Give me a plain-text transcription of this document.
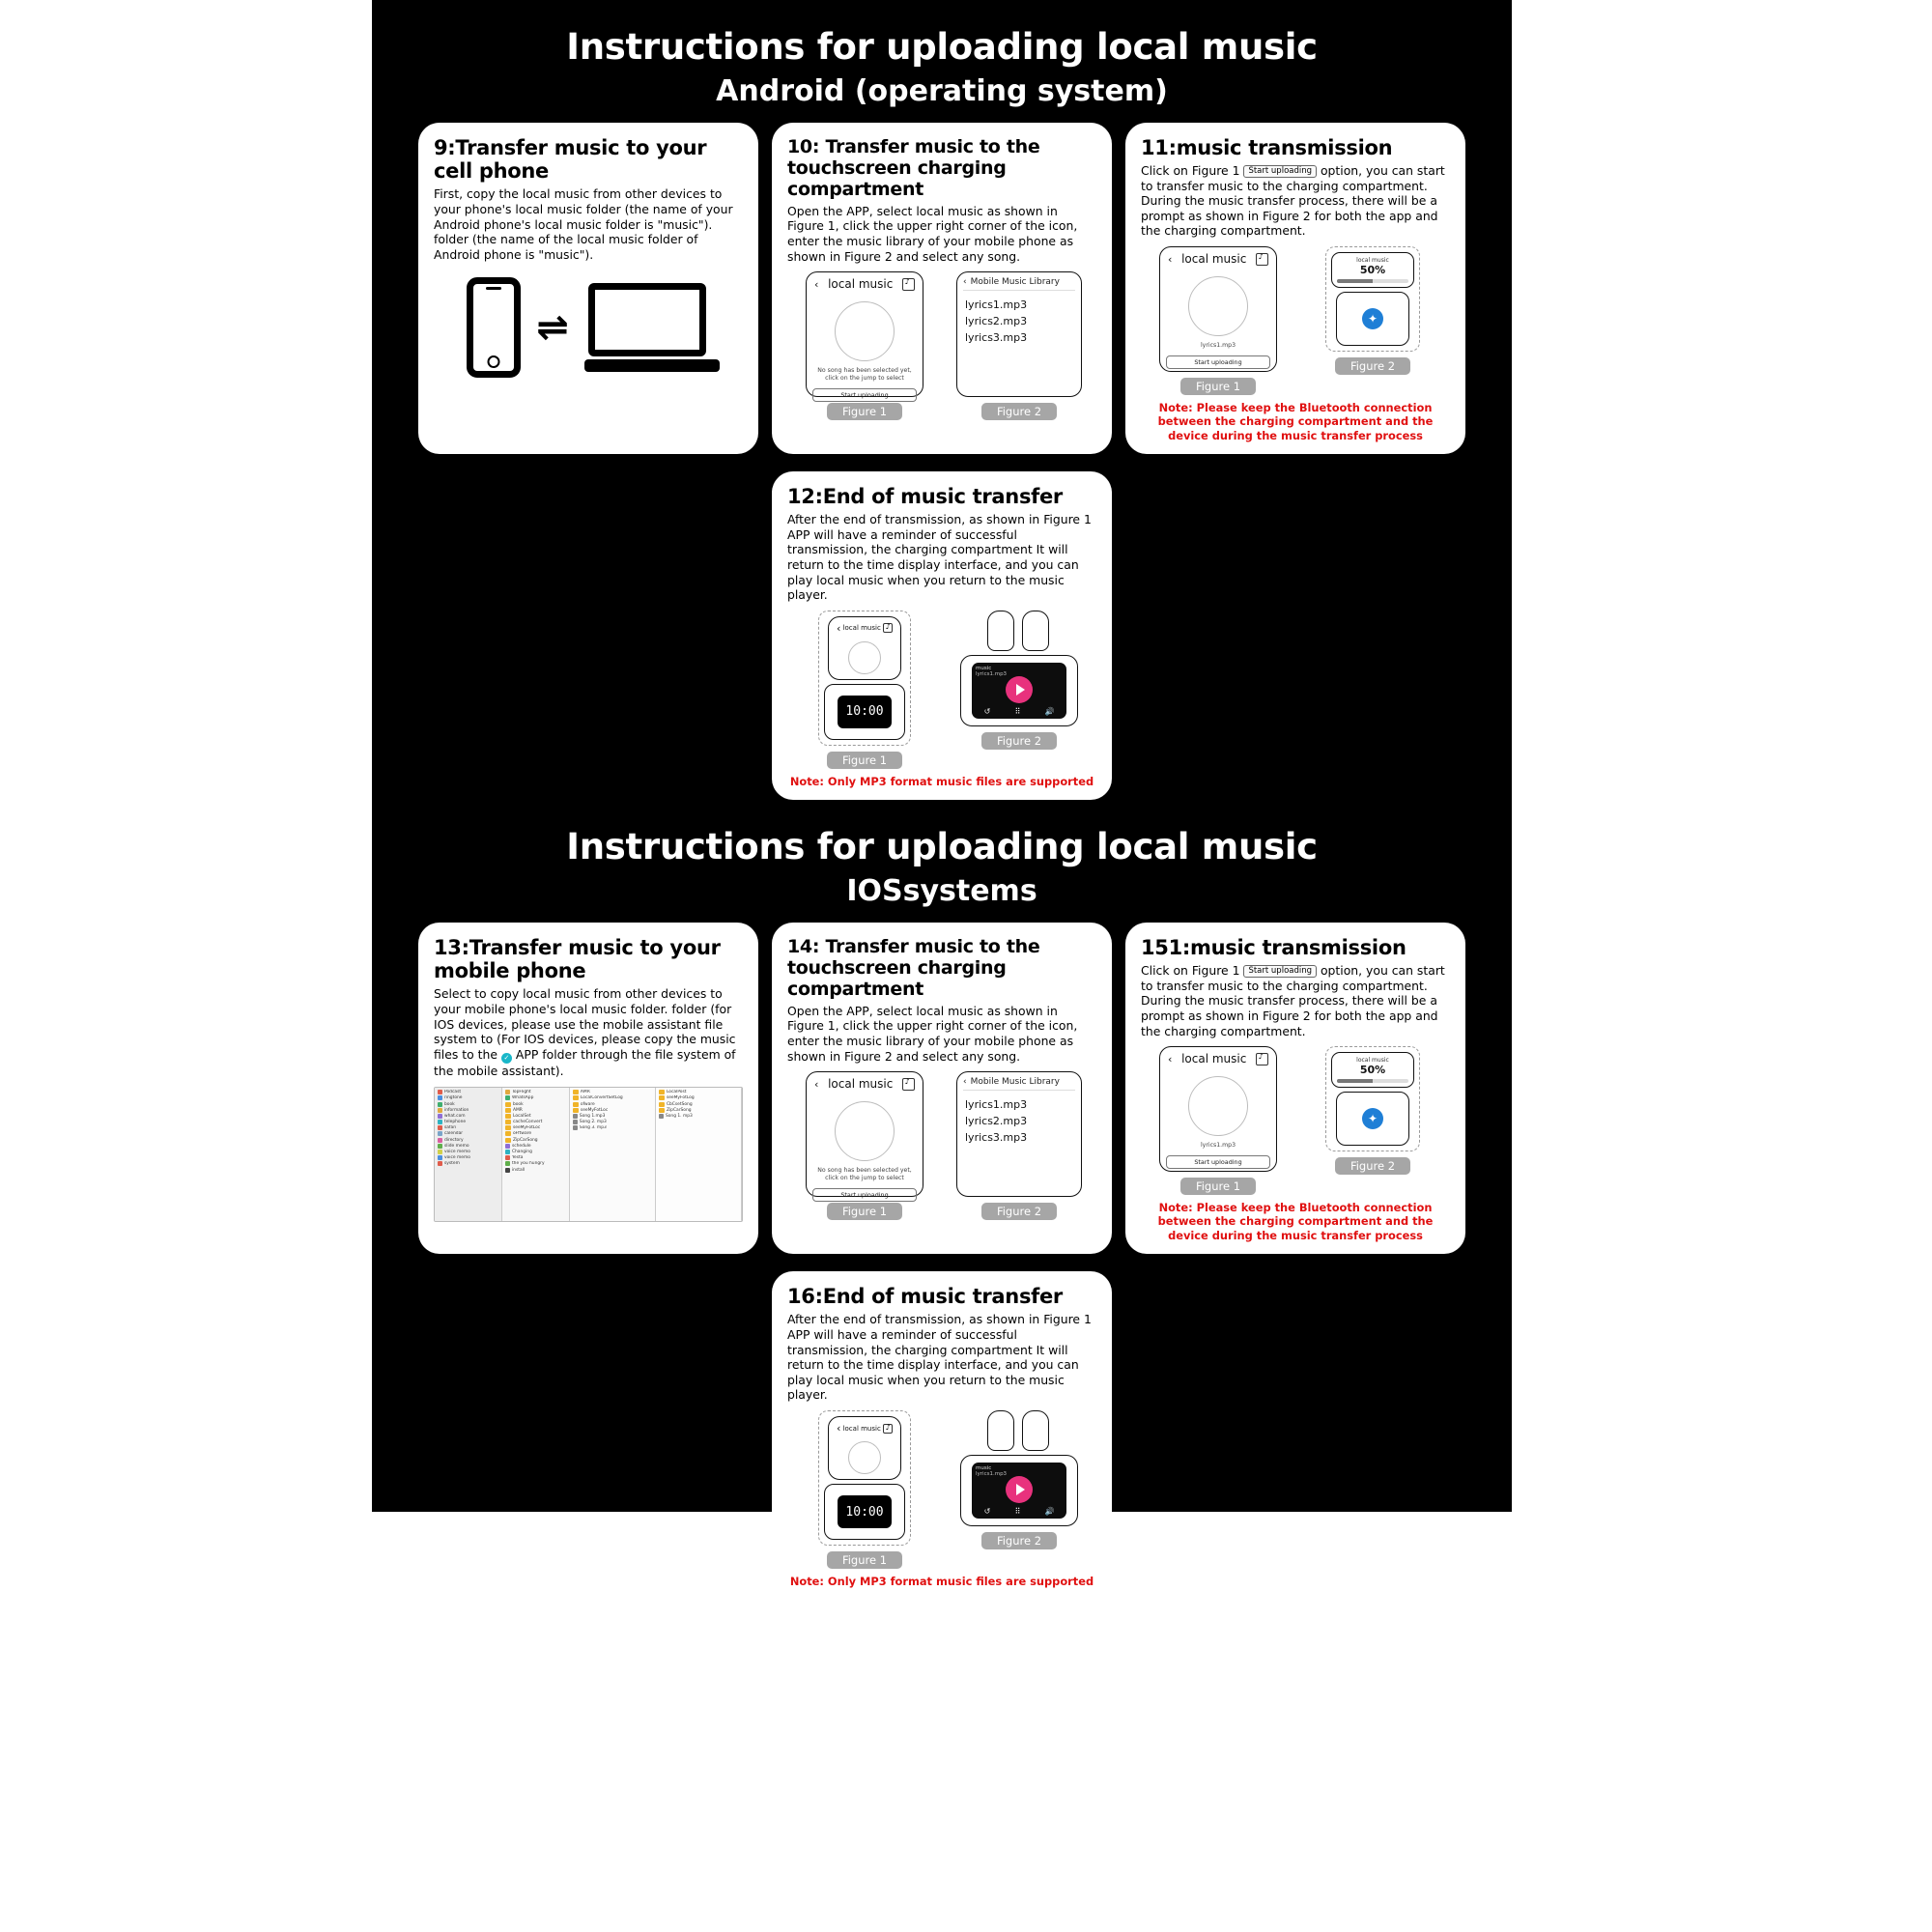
Instructions for uploading local music
Android (operating system)
9:Transfer music to your cell phone

First, copy the local music from other devices to your phone's local music folder (the name of your Android phone's local music folder is "music"). folder (the name of the local music folder of Android phone is "music").

⇌
10: Transfer music to the touchscreen charging compartment

Open the APP, select local music as shown in Figure 1, click the upper right corner of the icon, enter the music library of your mobile phone as shown in Figure 2 and select any song.

‹ local music
♪
No song has been selected yet, click on the jump to select
Start uploading
Figure 1
‹ Mobile Music Library
lyrics1.mp3
lyrics2.mp3
lyrics3.mp3
Figure 2
11:music transmission

Click on Figure 1 Start uploading option, you can start to transfer music to the charging compartment. During the music transfer process, there will be a prompt as shown in Figure 2 for both the app and the charging compartment.

‹ local music
♪
lyrics1.mp3
Start uploading
Figure 1
local music
50%
✦
Figure 2
Note: Please keep the Bluetooth connection between the charging compartment and the device during the music transfer process
12:End of music transfer

After the end of transmission, as shown in Figure 1 APP will have a reminder of successful transmission, the charging compartment It will return to the time display interface, and you can play local music when you return to the music player.

‹ local music
♪
10:00
Figure 1
music
lyrics1.mp3
↺	⠿	🔊
Figure 2
Note: Only MP3 format music files are supported
Instructions for uploading local music
IOSsystems
13:Transfer music to your mobile phone

Select to copy local music from other devices to your mobile phone's local music folder. folder (for IOS devices, please use the mobile assistant file system to (For IOS devices, please copy the music files to the ✓ APP folder through the file system of the mobile assistant).

Podcast
ringtone
book
information
what.com
telephone
safari
calendar
directory
slide memo
voice memo
voice memo
system
TopFlight
WhatsApp
book
AMR
LocalSet
cacheConvert
seeMyFotLoc
oFftware
ZipCarSong
schedule
Changing
Yesta
the you hungry
install
AMR
LocalConvertSetLog
ofware
seeMyFotLoc
Song 1.mp3
Song 2. mp3
Song 3. mp3
LocalPost
seeMyFotLog
CbCsetSong
ZipCarSong
Song 1. mp3
14: Transfer music to the touchscreen charging compartment

Open the APP, select local music as shown in Figure 1, click the upper right corner of the icon, enter the music library of your mobile phone as shown in Figure 2 and select any song.

‹ local music
♪
No song has been selected yet, click on the jump to select
Start uploading
Figure 1
‹ Mobile Music Library
lyrics1.mp3
lyrics2.mp3
lyrics3.mp3
Figure 2
151:music transmission

Click on Figure 1 Start uploading option, you can start to transfer music to the charging compartment. During the music transfer process, there will be a prompt as shown in Figure 2 for both the app and the charging compartment.

‹ local music
♪
lyrics1.mp3
Start uploading
Figure 1
local music
50%
✦
Figure 2
Note: Please keep the Bluetooth connection between the charging compartment and the device during the music transfer process
16:End of music transfer

After the end of transmission, as shown in Figure 1 APP will have a reminder of successful transmission, the charging compartment It will return to the time display interface, and you can play local music when you return to the music player.

‹ local music
♪
10:00
Figure 1
music
lyrics1.mp3
↺	⠿	🔊
Figure 2
Note: Only MP3 format music files are supported
